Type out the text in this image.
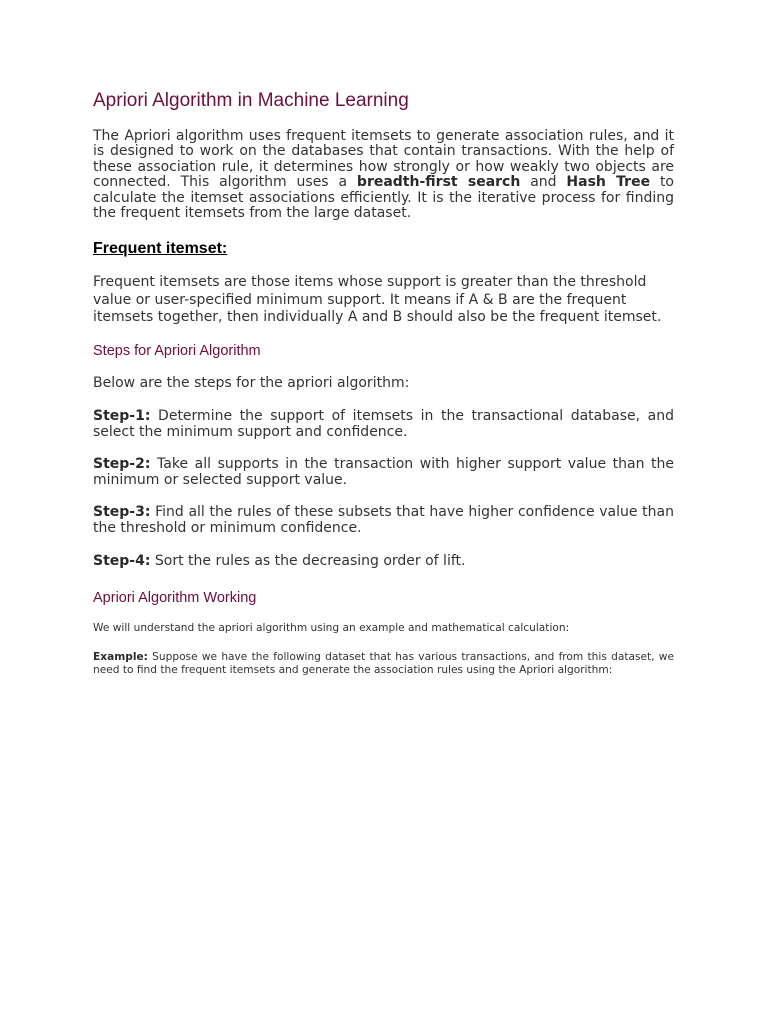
Apriori Algorithm in Machine Learning

The Apriori algorithm uses frequent itemsets to generate association rules, and it is designed to work on the databases that contain transactions. With the help of these association rule, it determines how strongly or how weakly two objects are connected. This algorithm uses a breadth-first search and Hash Tree to calculate the itemset associations efficiently. It is the iterative process for finding the frequent itemsets from the large dataset.

Frequent itemset:

Frequent itemsets are those items whose support is greater than the threshold value or user-specified minimum support. It means if A & B are the frequent itemsets together, then individually A and B should also be the frequent itemset.

Steps for Apriori Algorithm

Below are the steps for the apriori algorithm:

Step-1: Determine the support of itemsets in the transactional database, and select the minimum support and confidence.

Step-2: Take all supports in the transaction with higher support value than the minimum or selected support value.

Step-3: Find all the rules of these subsets that have higher confidence value than the threshold or minimum confidence.

Step-4: Sort the rules as the decreasing order of lift.

Apriori Algorithm Working

We will understand the apriori algorithm using an example and mathematical calculation:

Example: Suppose we have the following dataset that has various transactions, and from this dataset, we need to find the frequent itemsets and generate the association rules using the Apriori algorithm:
